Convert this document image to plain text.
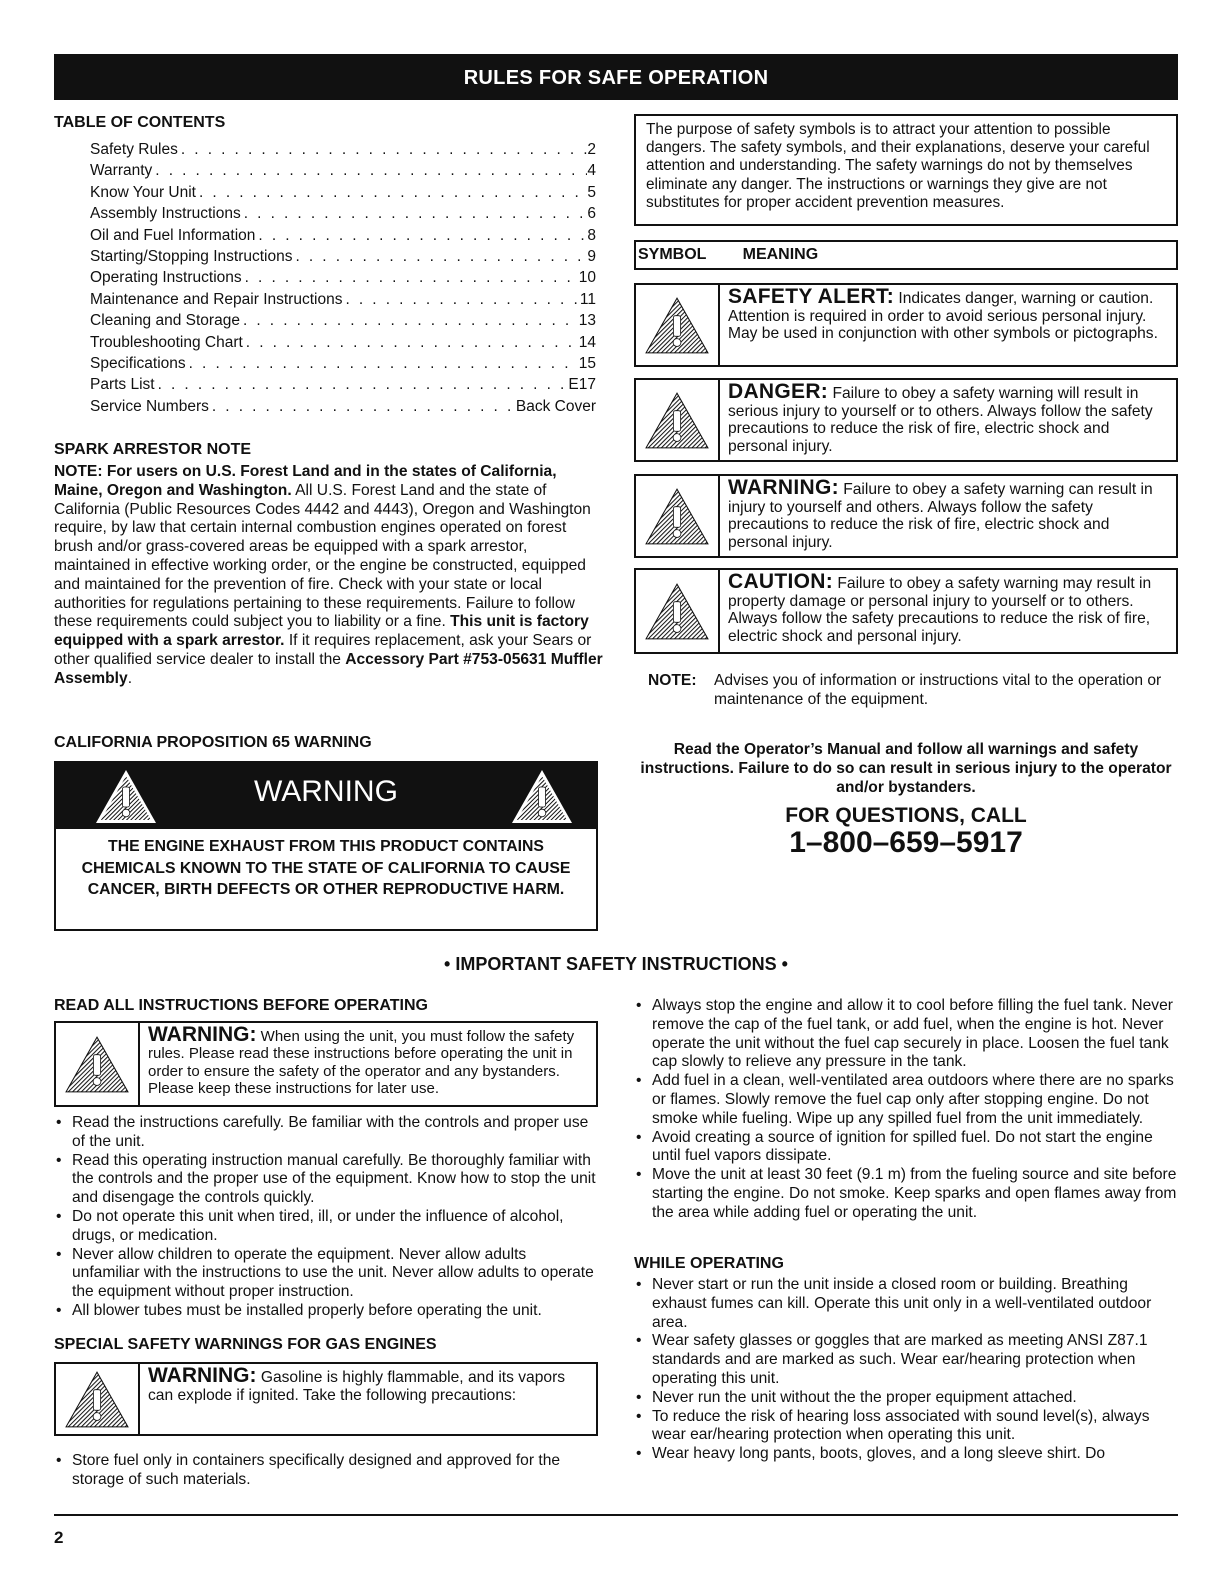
RULES FOR SAFE OPERATION
TABLE OF CONTENTS
Safety Rules . . .	2
Warranty . . .	4
Know Your Unit . . .	5
Assembly Instructions . . .	6
Oil and Fuel Information . . .	8
Starting/Stopping Instructions . . .	9
Operating Instructions . . .	10
Maintenance and Repair Instructions . . .	11
Cleaning and Storage . . .	13
Troubleshooting Chart . . .	14
Specifications . . .	15
Parts List . . .	E17
Service Numbers . . .	Back Cover
SPARK ARRESTOR NOTE
NOTE: For users on U.S. Forest Land and in the states of California, Maine, Oregon and Washington. All U.S. Forest Land and the state of California (Public Resources Codes 4442 and 4443), Oregon and Washington require, by law that certain internal combustion engines operated on forest brush and/or grass-covered areas be equipped with a spark arrestor, maintained in effective working order, or the engine be constructed, equipped and maintained for the prevention of fire. Check with your state or local authorities for regulations pertaining to these requirements. Failure to follow these requirements could subject you to liability or a fine. This unit is factory equipped with a spark arrestor. If it requires replacement, ask your Sears or other qualified service dealer to install the Accessory Part #753-05631 Muffler Assembly.
CALIFORNIA PROPOSITION 65 WARNING
WARNING
THE ENGINE EXHAUST FROM THIS PRODUCT CONTAINS CHEMICALS KNOWN TO THE STATE OF CALIFORNIA TO CAUSE CANCER, BIRTH DEFECTS OR OTHER REPRODUCTIVE HARM.
The purpose of safety symbols is to attract your attention to possible dangers. The safety symbols, and their explanations, deserve your careful attention and understanding. The safety warnings do not by themselves eliminate any danger. The instructions or warnings they give are not substitutes for proper accident prevention measures.
SYMBOL MEANING
SAFETY ALERT: Indicates danger, warning or caution. Attention is required in order to avoid serious personal injury. May be used in conjunction with other symbols or pictographs.
DANGER: Failure to obey a safety warning will result in serious injury to yourself or to others. Always follow the safety precautions to reduce the risk of fire, electric shock and personal injury.
WARNING: Failure to obey a safety warning can result in injury to yourself and others. Always follow the safety precautions to reduce the risk of fire, electric shock and personal injury.
CAUTION: Failure to obey a safety warning may result in property damage or personal injury to yourself or to others. Always follow the safety precautions to reduce the risk of fire, electric shock and personal injury.
NOTE:	Advises you of information or instructions vital to the operation or maintenance of the equipment.
Read the Operator’s Manual and follow all warnings and safety instructions. Failure to do so can result in serious injury to the operator and/or bystanders.
FOR QUESTIONS, CALL
1–800–659–5917
• IMPORTANT SAFETY INSTRUCTIONS •
READ ALL INSTRUCTIONS BEFORE OPERATING
WARNING: When using the unit, you must follow the safety rules. Please read these instructions before operating the unit in order to ensure the safety of the operator and any bystanders. Please keep these instructions for later use.
• Read the instructions carefully. Be familiar with the controls and proper use of the unit.
• Read this operating instruction manual carefully. Be thoroughly familiar with the controls and the proper use of the equipment. Know how to stop the unit and disengage the controls quickly.
• Do not operate this unit when tired, ill, or under the influence of alcohol, drugs, or medication.
• Never allow children to operate the equipment. Never allow adults unfamiliar with the instructions to use the unit. Never allow adults to operate the equipment without proper instruction.
• All blower tubes must be installed properly before operating the unit.
SPECIAL SAFETY WARNINGS FOR GAS ENGINES
WARNING: Gasoline is highly flammable, and its vapors can explode if ignited. Take the following precautions:
• Store fuel only in containers specifically designed and approved for the storage of such materials.
• Always stop the engine and allow it to cool before filling the fuel tank. Never remove the cap of the fuel tank, or add fuel, when the engine is hot. Never operate the unit without the fuel cap securely in place. Loosen the fuel tank cap slowly to relieve any pressure in the tank.
• Add fuel in a clean, well-ventilated area outdoors where there are no sparks or flames. Slowly remove the fuel cap only after stopping engine. Do not smoke while fueling. Wipe up any spilled fuel from the unit immediately.
• Avoid creating a source of ignition for spilled fuel. Do not start the engine until fuel vapors dissipate.
• Move the unit at least 30 feet (9.1 m) from the fueling source and site before starting the engine. Do not smoke. Keep sparks and open flames away from the area while adding fuel or operating the unit.
WHILE OPERATING
• Never start or run the unit inside a closed room or building. Breathing exhaust fumes can kill. Operate this unit only in a well-ventilated outdoor area.
• Wear safety glasses or goggles that are marked as meeting ANSI Z87.1 standards and are marked as such. Wear ear/hearing protection when operating this unit.
• Never run the unit without the the proper equipment attached.
• To reduce the risk of hearing loss associated with sound level(s), always wear ear/hearing protection when operating this unit.
• Wear heavy long pants, boots, gloves, and a long sleeve shirt. Do
2
